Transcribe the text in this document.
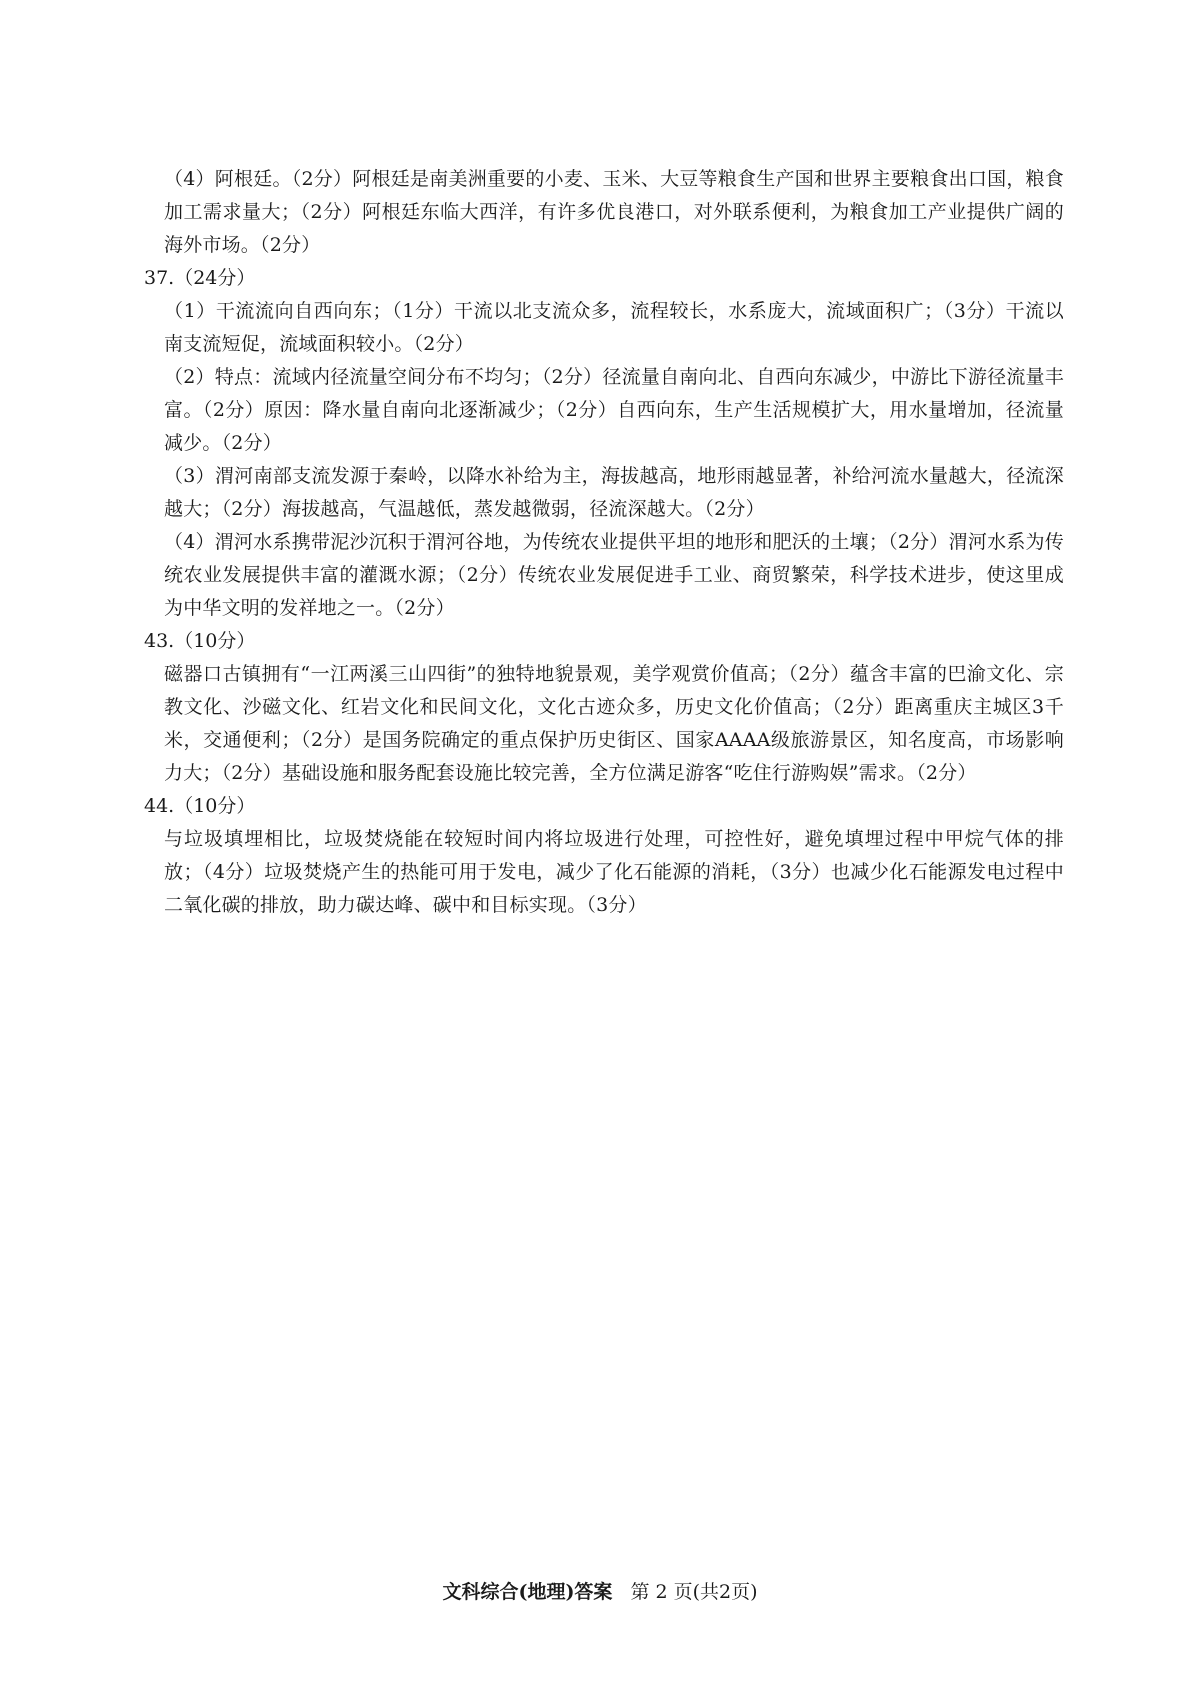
（4）阿根廷。（2分）阿根廷是南美洲重要的小麦、玉米、大豆等粮食生产国和世界主要粮食出口国，粮食加工需求量大；（2分）阿根廷东临大西洋，有许多优良港口，对外联系便利，为粮食加工产业提供广阔的海外市场。（2分）

37.（24分）

（1）干流流向自西向东；（1分）干流以北支流众多，流程较长，水系庞大，流域面积广；（3分）干流以南支流短促，流域面积较小。（2分）

（2）特点：流域内径流量空间分布不均匀；（2分）径流量自南向北、自西向东减少，中游比下游径流量丰富。（2分）原因：降水量自南向北逐渐减少；（2分）自西向东，生产生活规模扩大，用水量增加，径流量减少。（2分）

（3）渭河南部支流发源于秦岭，以降水补给为主，海拔越高，地形雨越显著，补给河流水量越大，径流深越大；（2分）海拔越高，气温越低，蒸发越微弱，径流深越大。（2分）

（4）渭河水系携带泥沙沉积于渭河谷地，为传统农业提供平坦的地形和肥沃的土壤；（2分）渭河水系为传统农业发展提供丰富的灌溉水源；（2分）传统农业发展促进手工业、商贸繁荣，科学技术进步，使这里成为中华文明的发祥地之一。（2分）

43.（10分）

磁器口古镇拥有“一江两溪三山四街”的独特地貌景观，美学观赏价值高；（2分）蕴含丰富的巴渝文化、宗教文化、沙磁文化、红岩文化和民间文化，文化古迹众多，历史文化价值高；（2分）距离重庆主城区3千米，交通便利；（2分）是国务院确定的重点保护历史街区、国家AAAA级旅游景区，知名度高，市场影响力大；（2分）基础设施和服务配套设施比较完善，全方位满足游客“吃住行游购娱”需求。（2分）

44.（10分）

与垃圾填埋相比，垃圾焚烧能在较短时间内将垃圾进行处理，可控性好，避免填埋过程中甲烷气体的排放；（4分）垃圾焚烧产生的热能可用于发电，减少了化石能源的消耗，（3分）也减少化石能源发电过程中二氧化碳的排放，助力碳达峰、碳中和目标实现。（3分）

文科综合(地理)答案 第 2 页(共2页)
